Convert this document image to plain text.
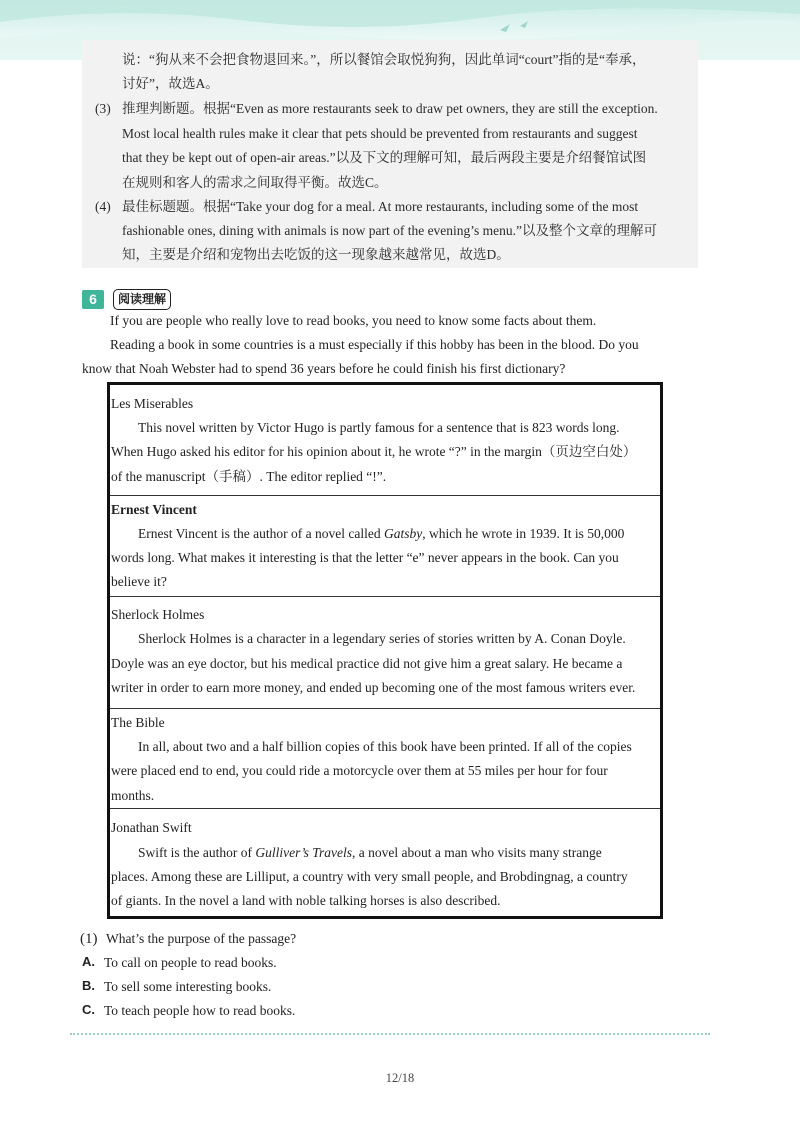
说：“狗从来不会把食物退回来。”，所以餐馆会取悦狗狗，因此单词“court”指的是“奉承，
讨好”，故选A。
(3) 推理判断题。根据“Even as more restaurants seek to draw pet owners, they are still the exception.
Most local health rules make it clear that pets should be prevented from restaurants and suggest
that they be kept out of open-air areas.”以及下文的理解可知，最后两段主要是介绍餐馆试图
在规则和客人的需求之间取得平衡。故选C。
(4) 最佳标题题。根据“Take your dog for a meal. At more restaurants, including some of the most
fashionable ones, dining with animals is now part of the evening’s menu.”以及整个文章的理解可
知，主要是介绍和宠物出去吃饭的这一现象越来越常见，故选D。
6	阅读理解
If you are people who really love to read books, you need to know some facts about them.
Reading a book in some countries is a must especially if this hobby has been in the blood. Do you
know that Noah Webster had to spend 36 years before he could finish his first dictionary?
Les Miserables
This novel written by Victor Hugo is partly famous for a sentence that is 823 words long.
When Hugo asked his editor for his opinion about it, he wrote “?” in the margin（页边空白处）
of the manuscript（手稿）. The editor replied “!”.
Ernest Vincent
Ernest Vincent is the author of a novel called Gatsby, which he wrote in 1939. It is 50,000
words long. What makes it interesting is that the letter “e” never appears in the book. Can you
believe it?
Sherlock Holmes
Sherlock Holmes is a character in a legendary series of stories written by A. Conan Doyle.
Doyle was an eye doctor, but his medical practice did not give him a great salary. He became a
writer in order to earn more money, and ended up becoming one of the most famous writers ever.
The Bible
In all, about two and a half billion copies of this book have been printed. If all of the copies
were placed end to end, you could ride a motorcycle over them at 55 miles per hour for four
months.
Jonathan Swift
Swift is the author of Gulliver’s Travels, a novel about a man who visits many strange
places. Among these are Lilliput, a country with very small people, and Brobdingnag, a country
of giants. In the novel a land with noble talking horses is also described.
(1) What’s the purpose of the passage?
A. To call on people to read books.
B. To sell some interesting books.
C. To teach people how to read books.
12/18
